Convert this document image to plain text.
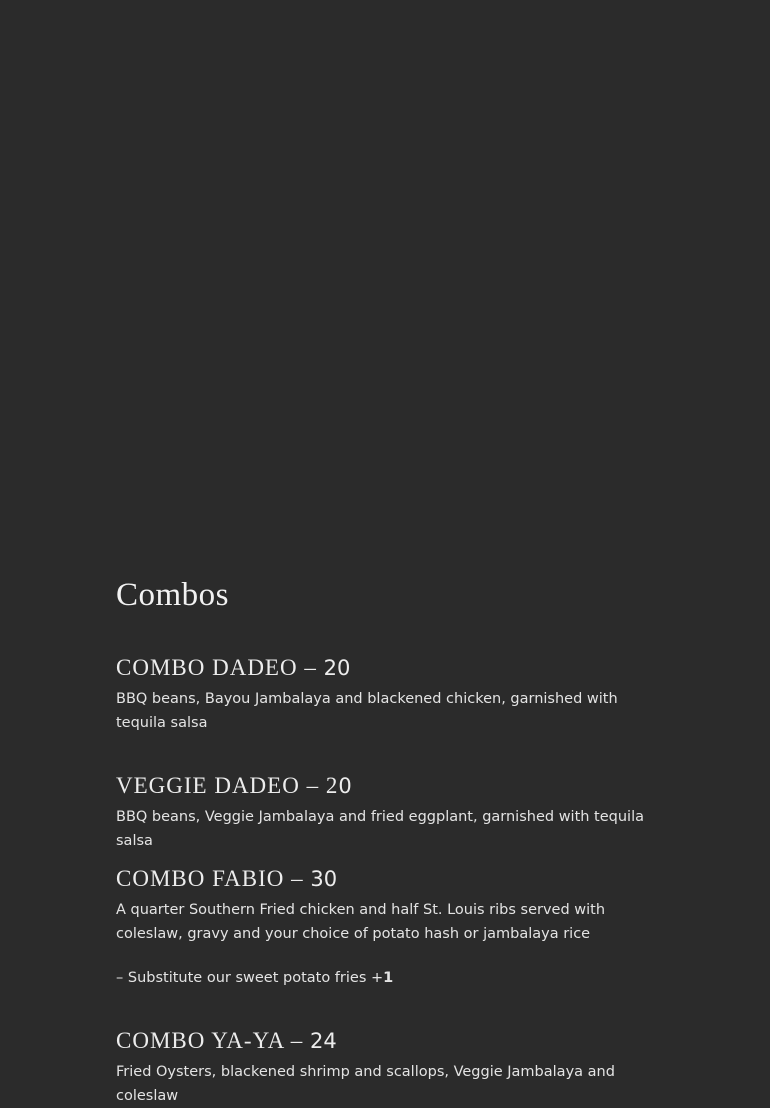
Combos
COMBO DADEO – 20

BBQ beans, Bayou Jambalaya and blackened chicken, garnished with tequila salsa

VEGGIE DADEO – 20

BBQ beans, Veggie Jambalaya and fried eggplant, garnished with tequila salsa

COMBO FABIO – 30

A quarter Southern Fried chicken and half St. Louis ribs served with coleslaw, gravy and your choice of potato hash or jambalaya rice

– Substitute our sweet potato fries +1

COMBO YA-YA – 24

Fried Oysters, blackened shrimp and scallops, Veggie Jambalaya and coleslaw
